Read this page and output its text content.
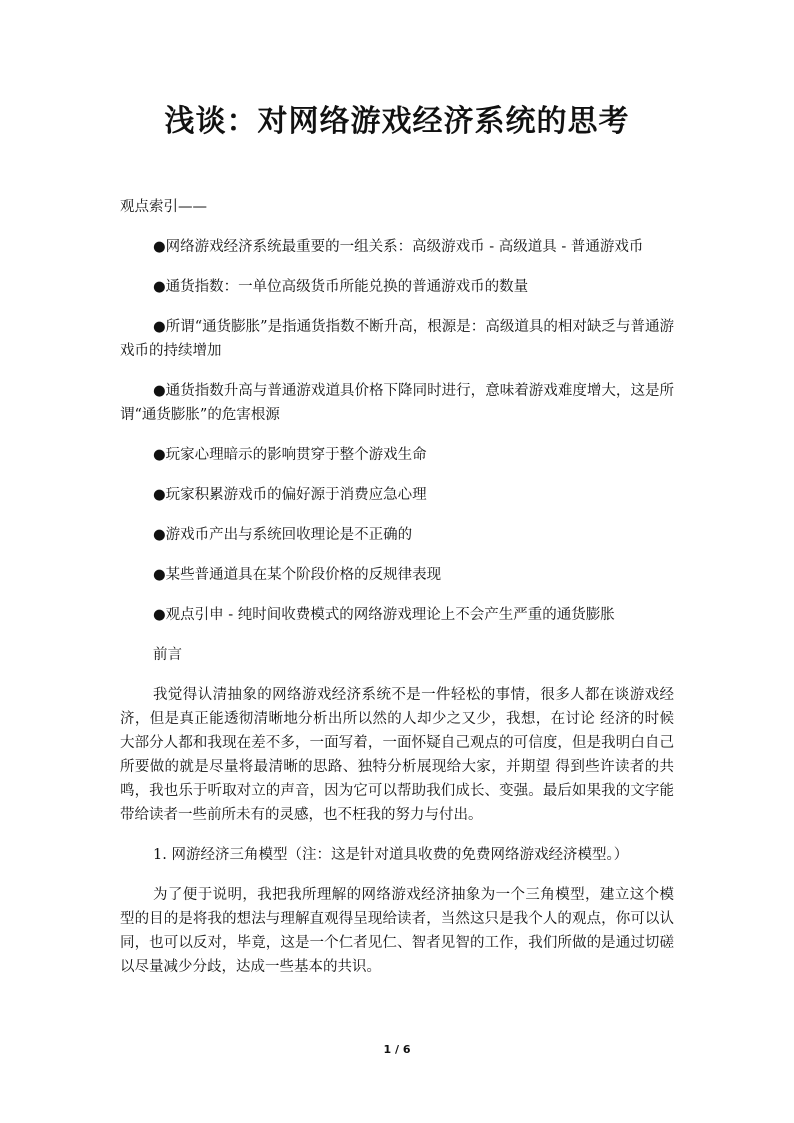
浅谈：对网络游戏经济系统的思考

观点索引——

●网络游戏经济系统最重要的一组关系：高级游戏币 - 高级道具 - 普通游戏币

●通货指数：一单位高级货币所能兑换的普通游戏币的数量

●所谓“通货膨胀”是指通货指数不断升高，根源是：高级道具的相对缺乏与普通游戏币的持续增加

●通货指数升高与普通游戏道具价格下降同时进行，意味着游戏难度增大，这是所谓“通货膨胀”的危害根源

●玩家心理暗示的影响贯穿于整个游戏生命

●玩家积累游戏币的偏好源于消费应急心理

●游戏币产出与系统回收理论是不正确的

●某些普通道具在某个阶段价格的反规律表现

●观点引申 - 纯时间收费模式的网络游戏理论上不会产生严重的通货膨胀

前言

我觉得认清抽象的网络游戏经济系统不是一件轻松的事情，很多人都在谈游戏经济，但是真正能透彻清晰地分析出所以然的人却少之又少，我想，在讨论 经济的时候大部分人都和我现在差不多，一面写着，一面怀疑自己观点的可信度，但是我明白自己所要做的就是尽量将最清晰的思路、独特分析展现给大家，并期望 得到些许读者的共鸣，我也乐于听取对立的声音，因为它可以帮助我们成长、变强。最后如果我的文字能带给读者一些前所未有的灵感，也不枉我的努力与付出。

1. 网游经济三角模型（注：这是针对道具收费的免费网络游戏经济模型。）

为了便于说明，我把我所理解的网络游戏经济抽象为一个三角模型，建立这个模型的目的是将我的想法与理解直观得呈现给读者，当然这只是我个人的观点，你可以认同，也可以反对，毕竟，这是一个仁者见仁、智者见智的工作，我们所做的是通过切磋以尽量减少分歧，达成一些基本的共识。

1 / 6
